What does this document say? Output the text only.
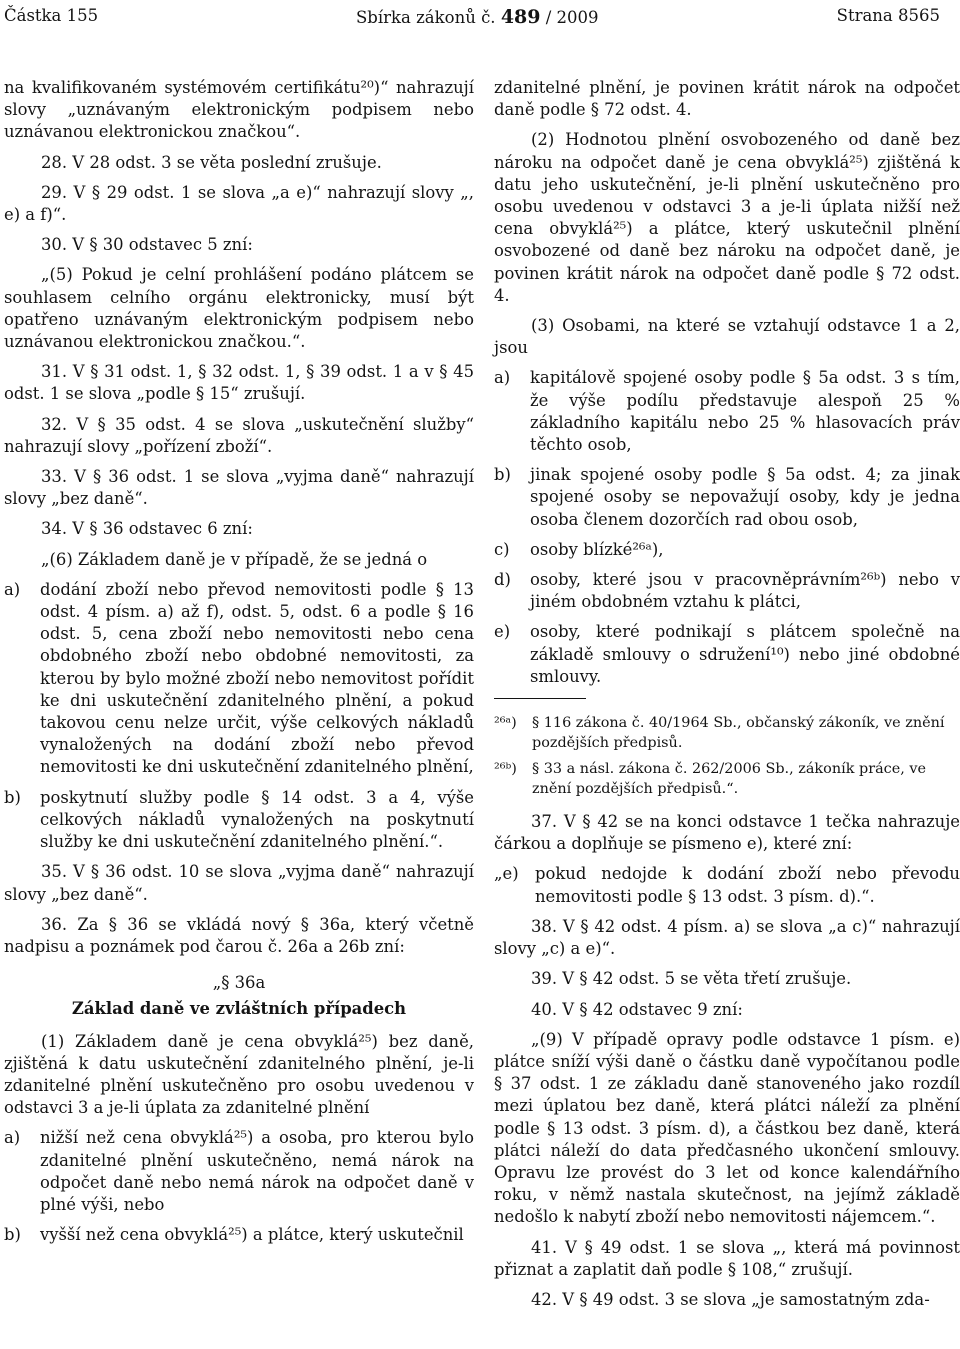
Částka 155	Sbírka zákonů č. 489 / 2009	Strana 8565

na kvalifikovaném systémovém certifikátu²⁰)“ nahrazují slovy „uznávaným elektronickým podpisem nebo uznávanou elektronickou značkou“.

28. V 28 odst. 3 se věta poslední zrušuje.

29. V § 29 odst. 1 se slova „a e)“ nahrazují slovy „, e) a f)“.

30. V § 30 odstavec 5 zní:

„(5) Pokud je celní prohlášení podáno plátcem se souhlasem celního orgánu elektronicky, musí být opatřeno uznávaným elektronickým podpisem nebo uznávanou elektronickou značkou.“.

31. V § 31 odst. 1, § 32 odst. 1, § 39 odst. 1 a v § 45 odst. 1 se slova „podle § 15“ zrušují.

32. V § 35 odst. 4 se slova „uskutečnění služby“ nahrazují slovy „pořízení zboží“.

33. V § 36 odst. 1 se slova „vyjma daně“ nahrazují slovy „bez daně“.

34. V § 36 odstavec 6 zní:

„(6) Základem daně je v případě, že se jedná o

a)	dodání zboží nebo převod nemovitosti podle § 13 odst. 4 písm. a) až f), odst. 5, odst. 6 a podle § 16 odst. 5, cena zboží nebo nemovitosti nebo cena obdobného zboží nebo obdobné nemovitosti, za kterou by bylo možné zboží nebo nemovitost pořídit ke dni uskutečnění zdanitelného plnění, a pokud takovou cenu nelze určit, výše celkových nákladů vynaložených na dodání zboží nebo převod nemovitosti ke dni uskutečnění zdanitelného plnění,
b)	poskytnutí služby podle § 14 odst. 3 a 4, výše celkových nákladů vynaložených na poskytnutí služby ke dni uskutečnění zdanitelného plnění.“.

35. V § 36 odst. 10 se slova „vyjma daně“ nahrazují slovy „bez daně“.

36. Za § 36 se vkládá nový § 36a, který včetně nadpisu a poznámek pod čarou č. 26a a 26b zní:

„§ 36a

Základ daně ve zvláštních případech

(1) Základem daně je cena obvyklá²⁵) bez daně, zjištěná k datu uskutečnění zdanitelného plnění, je-li zdanitelné plnění uskutečněno pro osobu uvedenou v odstavci 3 a je-li úplata za zdanitelné plnění

a)	nižší než cena obvyklá²⁵) a osoba, pro kterou bylo zdanitelné plnění uskutečněno, nemá nárok na odpočet daně nebo nemá nárok na odpočet daně v plné výši, nebo
b)	vyšší než cena obvyklá²⁵) a plátce, který uskutečnil

zdanitelné plnění, je povinen krátit nárok na odpočet daně podle § 72 odst. 4.

(2) Hodnotou plnění osvobozeného od daně bez nároku na odpočet daně je cena obvyklá²⁵) zjištěná k datu jeho uskutečnění, je-li plnění uskutečněno pro osobu uvedenou v odstavci 3 a je-li úplata nižší než cena obvyklá²⁵) a plátce, který uskutečnil plnění osvobozené od daně bez nároku na odpočet daně, je povinen krátit nárok na odpočet daně podle § 72 odst. 4.

(3) Osobami, na které se vztahují odstavce 1 a 2, jsou

a)	kapitálově spojené osoby podle § 5a odst. 3 s tím, že výše podílu představuje alespoň 25 % základního kapitálu nebo 25 % hlasovacích práv těchto osob,
b)	jinak spojené osoby podle § 5a odst. 4; za jinak spojené osoby se nepovažují osoby, kdy je jedna osoba členem dozorčích rad obou osob,
c)	osoby blízké²⁶ᵃ),
d)	osoby, které jsou v pracovněprávním²⁶ᵇ) nebo v jiném obdobném vztahu k plátci,
e)	osoby, které podnikají s plátcem společně na základě smlouvy o sdružení¹⁰) nebo jiné obdobné smlouvy.
²⁶ᵃ)	§ 116 zákona č. 40/1964 Sb., občanský zákoník, ve znění pozdějších předpisů.
²⁶ᵇ)	§ 33 a násl. zákona č. 262/2006 Sb., zákoník práce, ve znění pozdějších předpisů.“.

37. V § 42 se na konci odstavce 1 tečka nahrazuje čárkou a doplňuje se písmeno e), které zní:

„e)	pokud nedojde k dodání zboží nebo převodu nemovitosti podle § 13 odst. 3 písm. d).“.

38. V § 42 odst. 4 písm. a) se slova „a c)“ nahrazují slovy „c) a e)“.

39. V § 42 odst. 5 se věta třetí zrušuje.

40. V § 42 odstavec 9 zní:

„(9) V případě opravy podle odstavce 1 písm. e) plátce sníží výši daně o částku daně vypočítanou podle § 37 odst. 1 ze základu daně stanoveného jako rozdíl mezi úplatou bez daně, která plátci náleží za plnění podle § 13 odst. 3 písm. d), a částkou bez daně, která plátci náleží do data předčasného ukončení smlouvy. Opravu lze provést do 3 let od konce kalendářního roku, v němž nastala skutečnost, na jejímž základě nedošlo k nabytí zboží nebo nemovitosti nájemcem.“.

41. V § 49 odst. 1 se slova „, která má povinnost přiznat a zaplatit daň podle § 108,“ zrušují.

42. V § 49 odst. 3 se slova „je samostatným zda-
